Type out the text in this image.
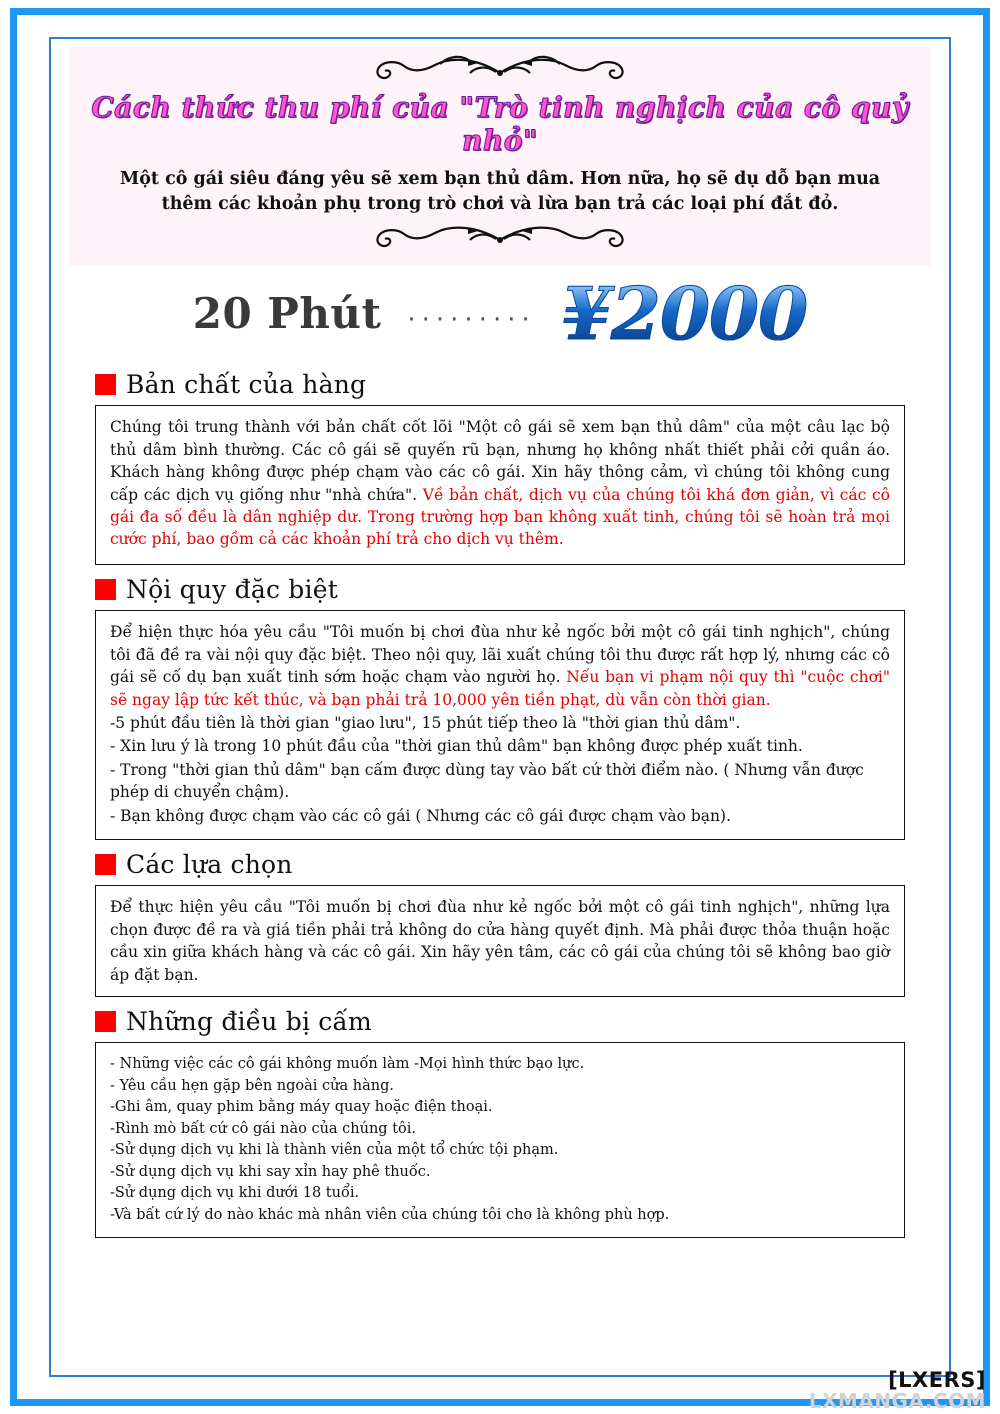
Cách thức thu phí của "Trò tinh nghịch của cô quỷ nhỏ"
Một cô gái siêu đáng yêu sẽ xem bạn thủ dâm. Hơn nữa, họ sẽ dụ dỗ bạn mua thêm các khoản phụ trong trò chơi và lừa bạn trả các loại phí đắt đỏ.
20 Phút ········· ¥2000
Bản chất của hàng

Chúng tôi trung thành với bản chất cốt lõi "Một cô gái sẽ xem bạn thủ dâm" của một câu lạc bộ thủ dâm bình thường. Các cô gái sẽ quyến rũ bạn, nhưng họ không nhất thiết phải cởi quần áo. Khách hàng không được phép chạm vào các cô gái. Xin hãy thông cảm, vì chúng tôi không cung cấp các dịch vụ giống như "nhà chứa". Về bản chất, dịch vụ của chúng tôi khá đơn giản, vì các cô gái đa số đều là dân nghiệp dư. Trong trường hợp bạn không xuất tinh, chúng tôi sẽ hoàn trả mọi cước phí, bao gồm cả các khoản phí trả cho dịch vụ thêm.

Nội quy đặc biệt

Để hiện thực hóa yêu cầu "Tôi muốn bị chơi đùa như kẻ ngốc bởi một cô gái tinh nghịch", chúng tôi đã đề ra vài nội quy đặc biệt. Theo nội quy, lãi xuất chúng tôi thu được rất hợp lý, nhưng các cô gái sẽ cố dụ bạn xuất tinh sớm hoặc chạm vào người họ. Nếu bạn vi phạm nội quy thì "cuộc chơi" sẽ ngay lập tức kết thúc, và bạn phải trả 10,000 yên tiền phạt, dù vẫn còn thời gian.

-5 phút đầu tiên là thời gian "giao lưu", 15 phút tiếp theo là "thời gian thủ dâm".

- Xin lưu ý là trong 10 phút đầu của "thời gian thủ dâm" bạn không được phép xuất tinh.

- Trong "thời gian thủ dâm" bạn cấm được dùng tay vào bất cứ thời điểm nào. ( Nhưng vẫn được phép di chuyển chậm).

- Bạn không được chạm vào các cô gái ( Nhưng các cô gái được chạm vào bạn).

Các lựa chọn

Để thực hiện yêu cầu "Tôi muốn bị chơi đùa như kẻ ngốc bởi một cô gái tinh nghịch", những lựa chọn được đề ra và giá tiền phải trả không do cửa hàng quyết định. Mà phải được thỏa thuận hoặc cầu xin giữa khách hàng và các cô gái. Xin hãy yên tâm, các cô gái của chúng tôi sẽ không bao giờ áp đặt bạn.

Những điều bị cấm

- Những việc các cô gái không muốn làm -Mọi hình thức bạo lực.

- Yêu cầu hẹn gặp bên ngoài cửa hàng.

-Ghi âm, quay phim bằng máy quay hoặc điện thoại.

-Rình mò bất cứ cô gái nào của chúng tôi.

-Sử dụng dịch vụ khi là thành viên của một tổ chức tội phạm.

-Sử dụng dịch vụ khi say xỉn hay phê thuốc.

-Sử dụng dịch vụ khi dưới 18 tuổi.

-Và bất cứ lý do nào khác mà nhân viên của chúng tôi cho là không phù hợp.

[LXERS]
LXMANGA.COM
